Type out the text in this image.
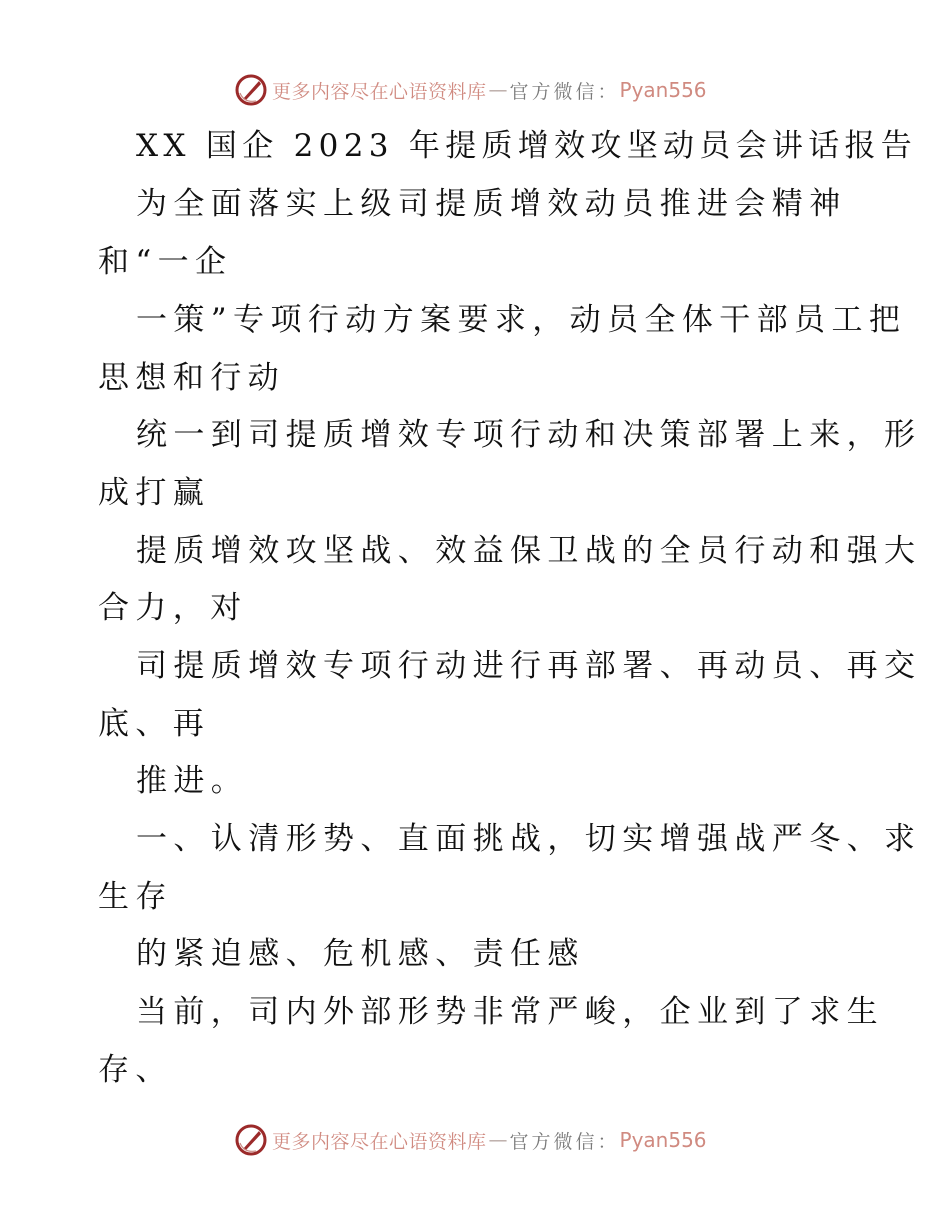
更多内容尽在心语资料库 — 官方微信： Pyan556
XX 国企 2023 年提质增效攻坚动员会讲话报告
为全面落实上级司提质增效动员推进会精神
和“一企
一策”专项行动方案要求，动员全体干部员工把
思想和行动
统一到司提质增效专项行动和决策部署上来，形
成打赢
提质增效攻坚战、效益保卫战的全员行动和强大
合力，对
司提质增效专项行动进行再部署、再动员、再交
底、再
推进。
一、认清形势、直面挑战，切实增强战严冬、求
生存
的紧迫感、危机感、责任感
当前，司内外部形势非常严峻，企业到了求生
存、
更多内容尽在心语资料库 — 官方微信： Pyan556
